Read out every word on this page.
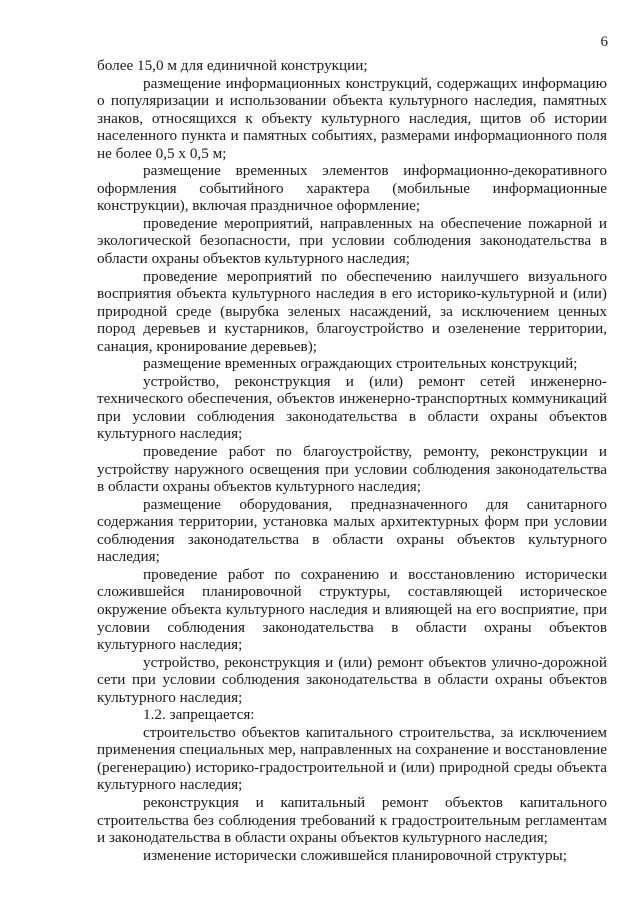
6

более 15,0 м для единичной конструкции;

размещение информационных конструкций, содержащих информацию о популяризации и использовании объекта культурного наследия, памятных знаков, относящихся к объекту культурного наследия, щитов об истории населенного пункта и памятных событиях, размерами информационного поля не более 0,5 х 0,5 м;

размещение временных элементов информационно-декоративного оформления событийного характера (мобильные информационные конструкции), включая праздничное оформление;

проведение мероприятий, направленных на обеспечение пожарной и экологической безопасности, при условии соблюдения законодательства в области охраны объектов культурного наследия;

проведение мероприятий по обеспечению наилучшего визуального восприятия объекта культурного наследия в его историко-культурной и (или) природной среде (вырубка зеленых насаждений, за исключением ценных пород деревьев и кустарников, благоустройство и озеленение территории, санация, кронирование деревьев);

размещение временных ограждающих строительных конструкций;

устройство, реконструкция и (или) ремонт сетей инженерно-технического обеспечения, объектов инженерно-транспортных коммуникаций при условии соблюдения законодательства в области охраны объектов культурного наследия;

проведение работ по благоустройству, ремонту, реконструкции и устройству наружного освещения при условии соблюдения законодательства в области охраны объектов культурного наследия;

размещение оборудования, предназначенного для санитарного содержания территории, установка малых архитектурных форм при условии соблюдения законодательства в области охраны объектов культурного наследия;

проведение работ по сохранению и восстановлению исторически сложившейся планировочной структуры, составляющей историческое окружение объекта культурного наследия и влияющей на его восприятие, при условии соблюдения законодательства в области охраны объектов культурного наследия;

устройство, реконструкция и (или) ремонт объектов улично-дорожной сети при условии соблюдения законодательства в области охраны объектов культурного наследия;

1.2. запрещается:

строительство объектов капитального строительства, за исключением применения специальных мер, направленных на сохранение и восстановление (регенерацию) историко-градостроительной и (или) природной среды объекта культурного наследия;

реконструкция и капитальный ремонт объектов капитального строительства без соблюдения требований к градостроительным регламентам и законодательства в области охраны объектов культурного наследия;

изменение исторически сложившейся планировочной структуры;
